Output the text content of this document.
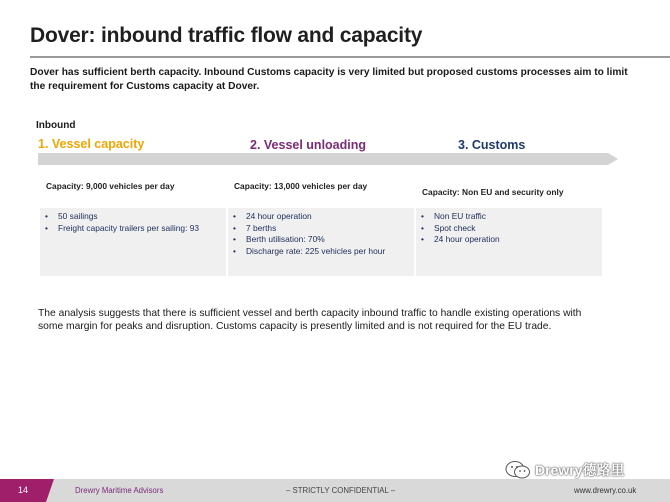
Dover: inbound traffic flow and capacity
Dover has sufficient berth capacity. Inbound Customs capacity is very limited but proposed customs processes aim to limit the requirement for Customs capacity at Dover.
Inbound
1. Vessel capacity	2. Vessel unloading	3. Customs
Capacity: 9,000 vehicles per day	Capacity: 13,000 vehicles per day
Capacity: Non EU and security only
• 50 sailings
• Freight capacity trailers per sailing: 93
• 24 hour operation
• 7 berths
• Berth utilisation: 70%
• Discharge rate: 225 vehicles per hour
• Non EU traffic
• Spot check
• 24 hour operation
The analysis suggests that there is sufficient vessel and berth capacity inbound traffic to handle existing operations with some margin for peaks and disruption. Customs capacity is presently limited and is not required for the EU trade.
Drewry德路里
14	Drewry Maritime Advisors	– STRICTLY CONFIDENTIAL –	www.drewry.co.uk
